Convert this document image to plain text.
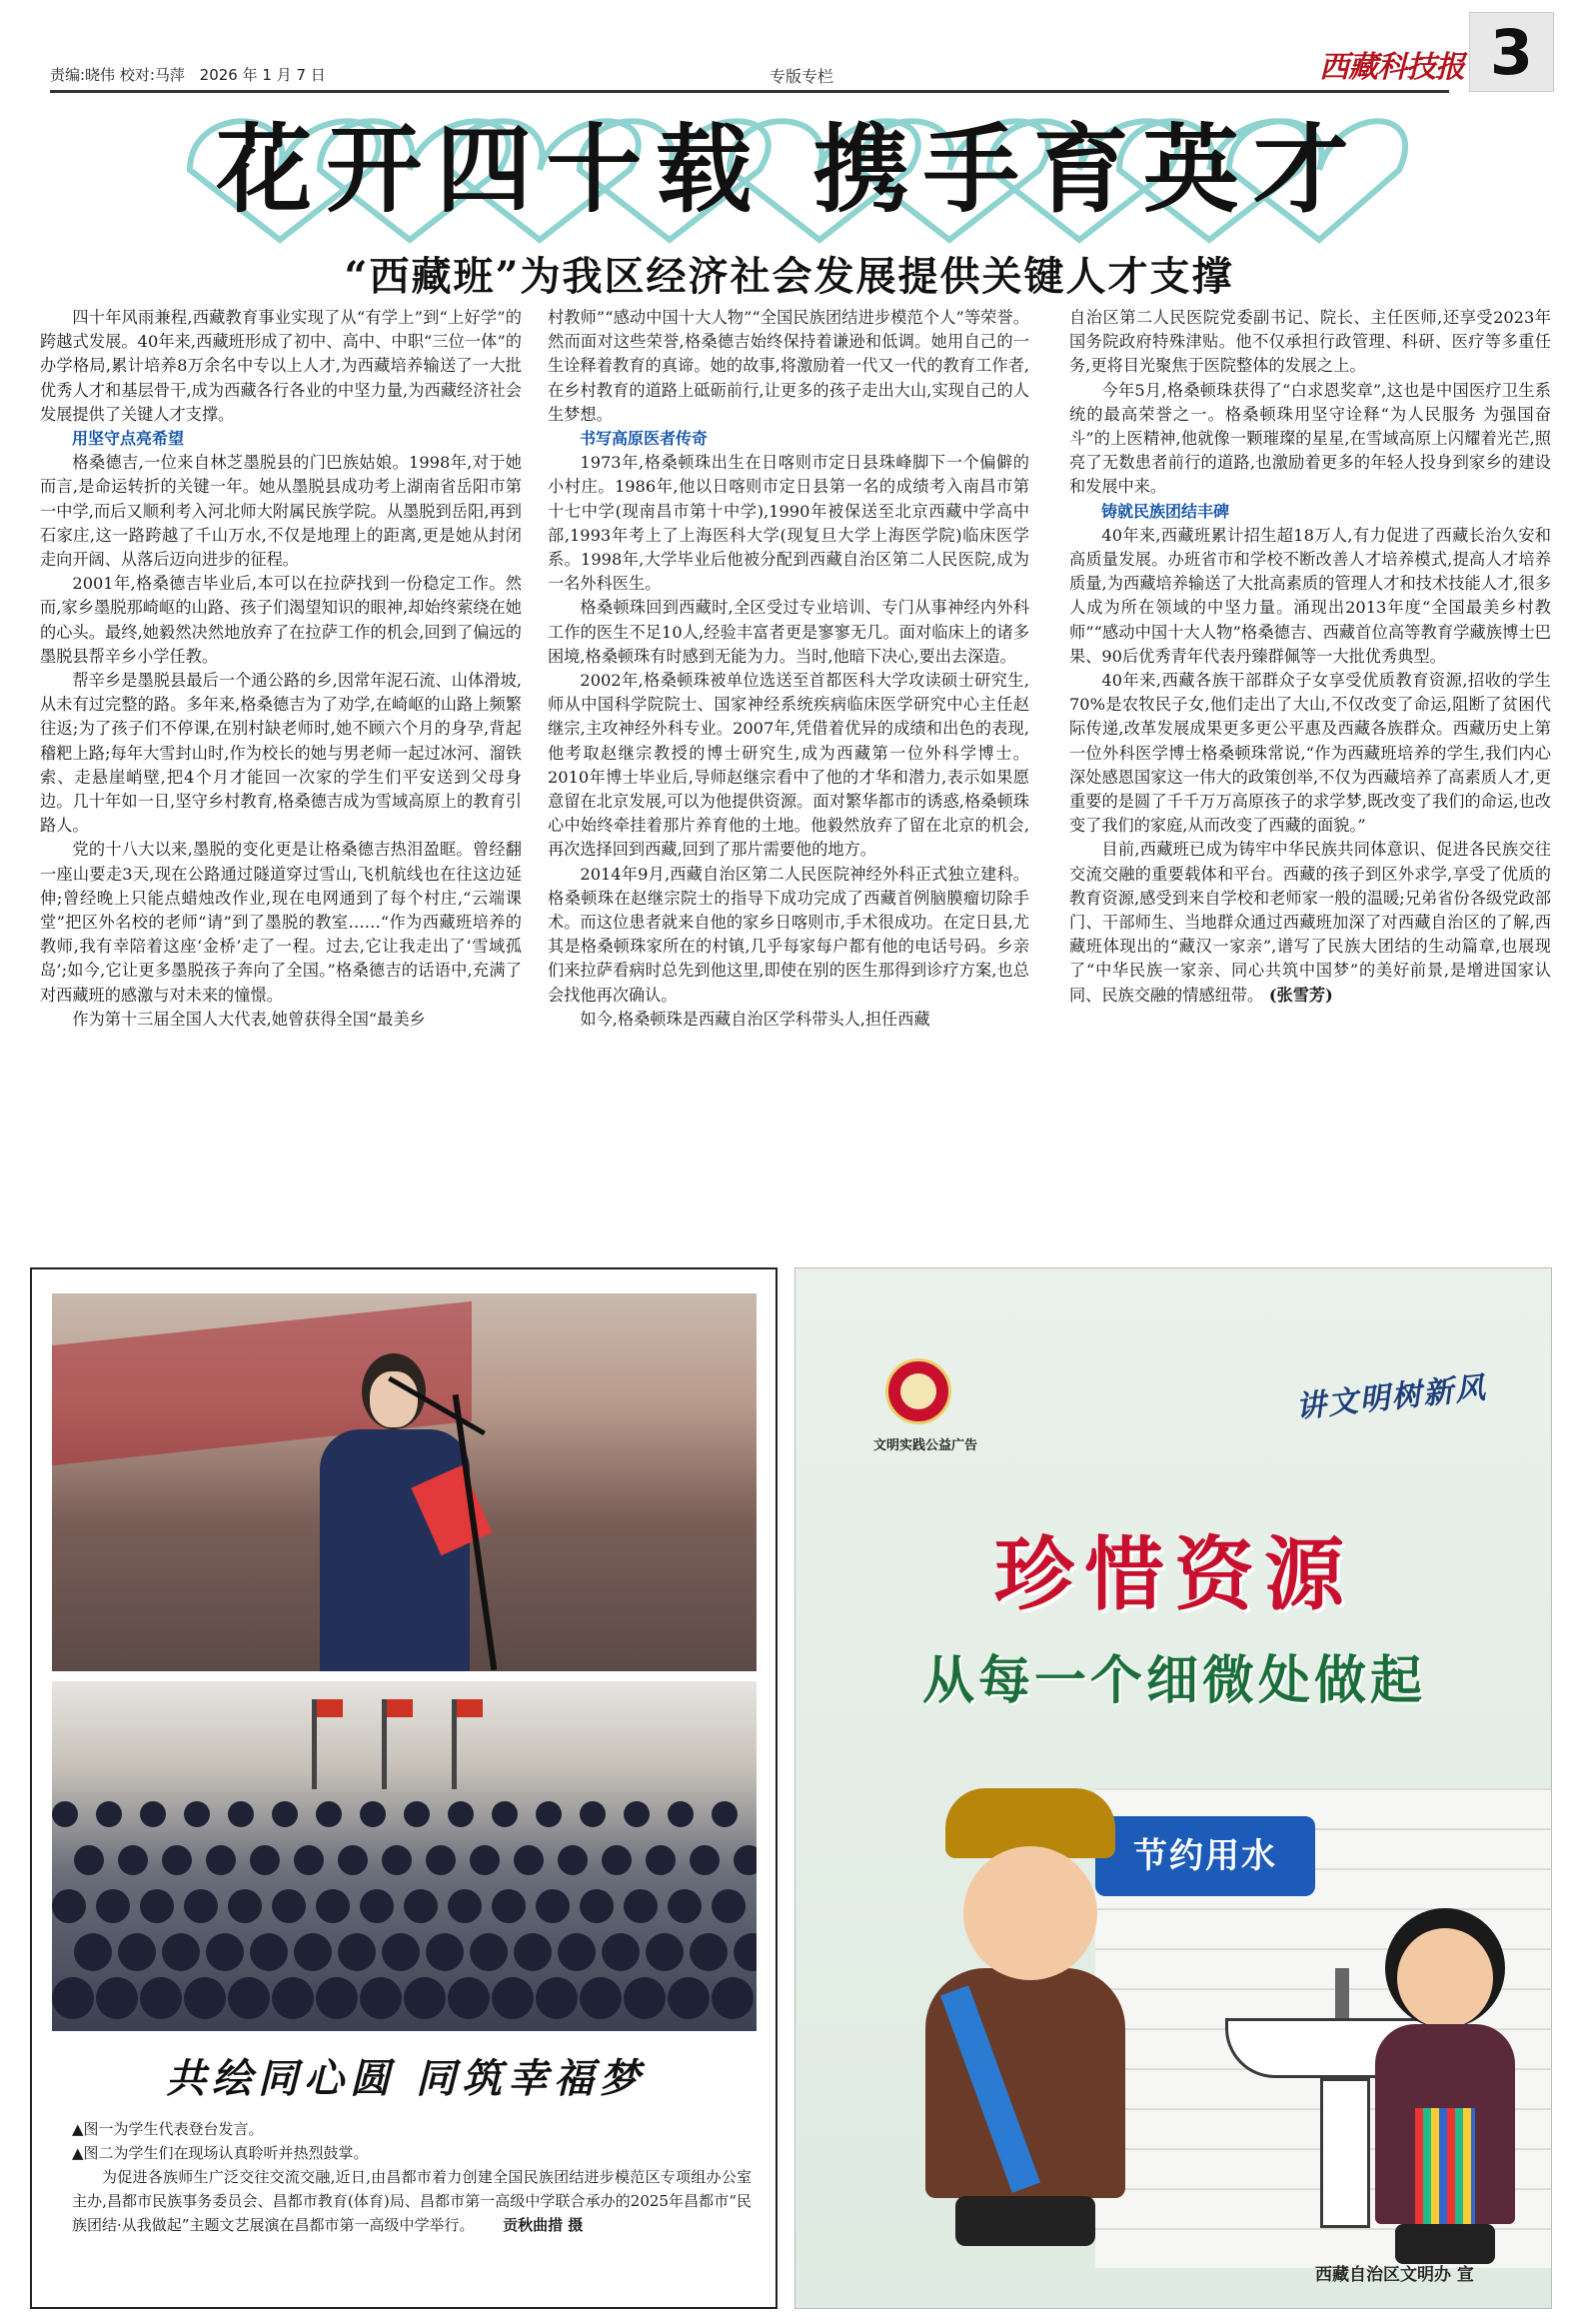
责编:晓伟 校对:马萍 2026 年 1 月 7 日	专版专栏	西藏科技报 3
花开四十载 携手育英才
“西藏班”为我区经济社会发展提供关键人才支撑

四十年风雨兼程,西藏教育事业实现了从“有学上”到“上好学”的跨越式发展。40年来,西藏班形成了初中、高中、中职“三位一体”的办学格局,累计培养8万余名中专以上人才,为西藏培养输送了一大批优秀人才和基层骨干,成为西藏各行各业的中坚力量,为西藏经济社会发展提供了关键人才支撑。

用坚守点亮希望

格桑德吉,一位来自林芝墨脱县的门巴族姑娘。1998年,对于她而言,是命运转折的关键一年。她从墨脱县成功考上湖南省岳阳市第一中学,而后又顺利考入河北师大附属民族学院。从墨脱到岳阳,再到石家庄,这一路跨越了千山万水,不仅是地理上的距离,更是她从封闭走向开阔、从落后迈向进步的征程。

2001年,格桑德吉毕业后,本可以在拉萨找到一份稳定工作。然而,家乡墨脱那崎岖的山路、孩子们渴望知识的眼神,却始终萦绕在她的心头。最终,她毅然决然地放弃了在拉萨工作的机会,回到了偏远的墨脱县帮辛乡小学任教。

帮辛乡是墨脱县最后一个通公路的乡,因常年泥石流、山体滑坡,从未有过完整的路。多年来,格桑德吉为了劝学,在崎岖的山路上频繁往返;为了孩子们不停课,在别村缺老师时,她不顾六个月的身孕,背起稽粑上路;每年大雪封山时,作为校长的她与男老师一起过冰河、溜铁索、走悬崖峭壁,把4个月才能回一次家的学生们平安送到父母身边。几十年如一日,坚守乡村教育,格桑德吉成为雪域高原上的教育引路人。

党的十八大以来,墨脱的变化更是让格桑德吉热泪盈眶。曾经翻一座山要走3天,现在公路通过隧道穿过雪山,飞机航线也在往这边延伸;曾经晚上只能点蜡烛改作业,现在电网通到了每个村庄,“云端课堂”把区外名校的老师“请”到了墨脱的教室……“作为西藏班培养的教师,我有幸陪着这座‘金桥’走了一程。过去,它让我走出了‘雪域孤岛’;如今,它让更多墨脱孩子奔向了全国。”格桑德吉的话语中,充满了对西藏班的感激与对未来的憧憬。

作为第十三届全国人大代表,她曾获得全国“最美乡

村教师”“感动中国十大人物”“全国民族团结进步模范个人”等荣誉。然而面对这些荣誉,格桑德吉始终保持着谦逊和低调。她用自己的一生诠释着教育的真谛。她的故事,将激励着一代又一代的教育工作者,在乡村教育的道路上砥砺前行,让更多的孩子走出大山,实现自己的人生梦想。

书写高原医者传奇

1973年,格桑顿珠出生在日喀则市定日县珠峰脚下一个偏僻的小村庄。1986年,他以日喀则市定日县第一名的成绩考入南昌市第十七中学(现南昌市第十中学),1990年被保送至北京西藏中学高中部,1993年考上了上海医科大学(现复旦大学上海医学院)临床医学系。1998年,大学毕业后他被分配到西藏自治区第二人民医院,成为一名外科医生。

格桑顿珠回到西藏时,全区受过专业培训、专门从事神经内外科工作的医生不足10人,经验丰富者更是寥寥无几。面对临床上的诸多困境,格桑顿珠有时感到无能为力。当时,他暗下决心,要出去深造。

2002年,格桑顿珠被单位选送至首都医科大学攻读硕士研究生,师从中国科学院院士、国家神经系统疾病临床医学研究中心主任赵继宗,主攻神经外科专业。2007年,凭借着优异的成绩和出色的表现,他考取赵继宗教授的博士研究生,成为西藏第一位外科学博士。2010年博士毕业后,导师赵继宗看中了他的才华和潜力,表示如果愿意留在北京发展,可以为他提供资源。面对繁华都市的诱惑,格桑顿珠心中始终牵挂着那片养育他的土地。他毅然放弃了留在北京的机会,再次选择回到西藏,回到了那片需要他的地方。

2014年9月,西藏自治区第二人民医院神经外科正式独立建科。格桑顿珠在赵继宗院士的指导下成功完成了西藏首例脑膜瘤切除手术。而这位患者就来自他的家乡日喀则市,手术很成功。在定日县,尤其是格桑顿珠家所在的村镇,几乎每家每户都有他的电话号码。乡亲们来拉萨看病时总先到他这里,即使在别的医生那得到诊疗方案,也总会找他再次确认。

如今,格桑顿珠是西藏自治区学科带头人,担任西藏

自治区第二人民医院党委副书记、院长、主任医师,还享受2023年国务院政府特殊津贴。他不仅承担行政管理、科研、医疗等多重任务,更将目光聚焦于医院整体的发展之上。

今年5月,格桑顿珠获得了“白求恩奖章”,这也是中国医疗卫生系统的最高荣誉之一。格桑顿珠用坚守诠释“为人民服务 为强国奋斗”的上医精神,他就像一颗璀璨的星星,在雪域高原上闪耀着光芒,照亮了无数患者前行的道路,也激励着更多的年轻人投身到家乡的建设和发展中来。

铸就民族团结丰碑

40年来,西藏班累计招生超18万人,有力促进了西藏长治久安和高质量发展。办班省市和学校不断改善人才培养模式,提高人才培养质量,为西藏培养输送了大批高素质的管理人才和技术技能人才,很多人成为所在领域的中坚力量。涌现出2013年度“全国最美乡村教师”“感动中国十大人物”格桑德吉、西藏首位高等教育学藏族博士巴果、90后优秀青年代表丹臻群佩等一大批优秀典型。

40年来,西藏各族干部群众子女享受优质教育资源,招收的学生70%是农牧民子女,他们走出了大山,不仅改变了命运,阻断了贫困代际传递,改革发展成果更多更公平惠及西藏各族群众。西藏历史上第一位外科医学博士格桑顿珠常说,“作为西藏班培养的学生,我们内心深处感恩国家这一伟大的政策创举,不仅为西藏培养了高素质人才,更重要的是圆了千千万万高原孩子的求学梦,既改变了我们的命运,也改变了我们的家庭,从而改变了西藏的面貌。”

目前,西藏班已成为铸牢中华民族共同体意识、促进各民族交往交流交融的重要载体和平台。西藏的孩子到区外求学,享受了优质的教育资源,感受到来自学校和老师家一般的温暖;兄弟省份各级党政部门、干部师生、当地群众通过西藏班加深了对西藏自治区的了解,西藏班体现出的“藏汉一家亲”,谱写了民族大团结的生动篇章,也展现了“中华民族一家亲、同心共筑中国梦”的美好前景,是增进国家认同、民族交融的情感纽带。 (张雪芳)

共绘同心圆 同筑幸福梦

▲图一为学生代表登台发言。

▲图二为学生们在现场认真聆听并热烈鼓掌。

为促进各族师生广泛交往交流交融,近日,由昌都市着力创建全国民族团结进步模范区专项组办公室主办,昌都市民族事务委员会、昌都市教育(体育)局、昌都市第一高级中学联合承办的2025年昌都市“民族团结·从我做起”主题文艺展演在昌都市第一高级中学举行。 贡秋曲措 摄

文明实践公益广告
讲文明树新风
珍惜资源
从每一个细微处做起
节约用水
西藏自治区文明办 宣
